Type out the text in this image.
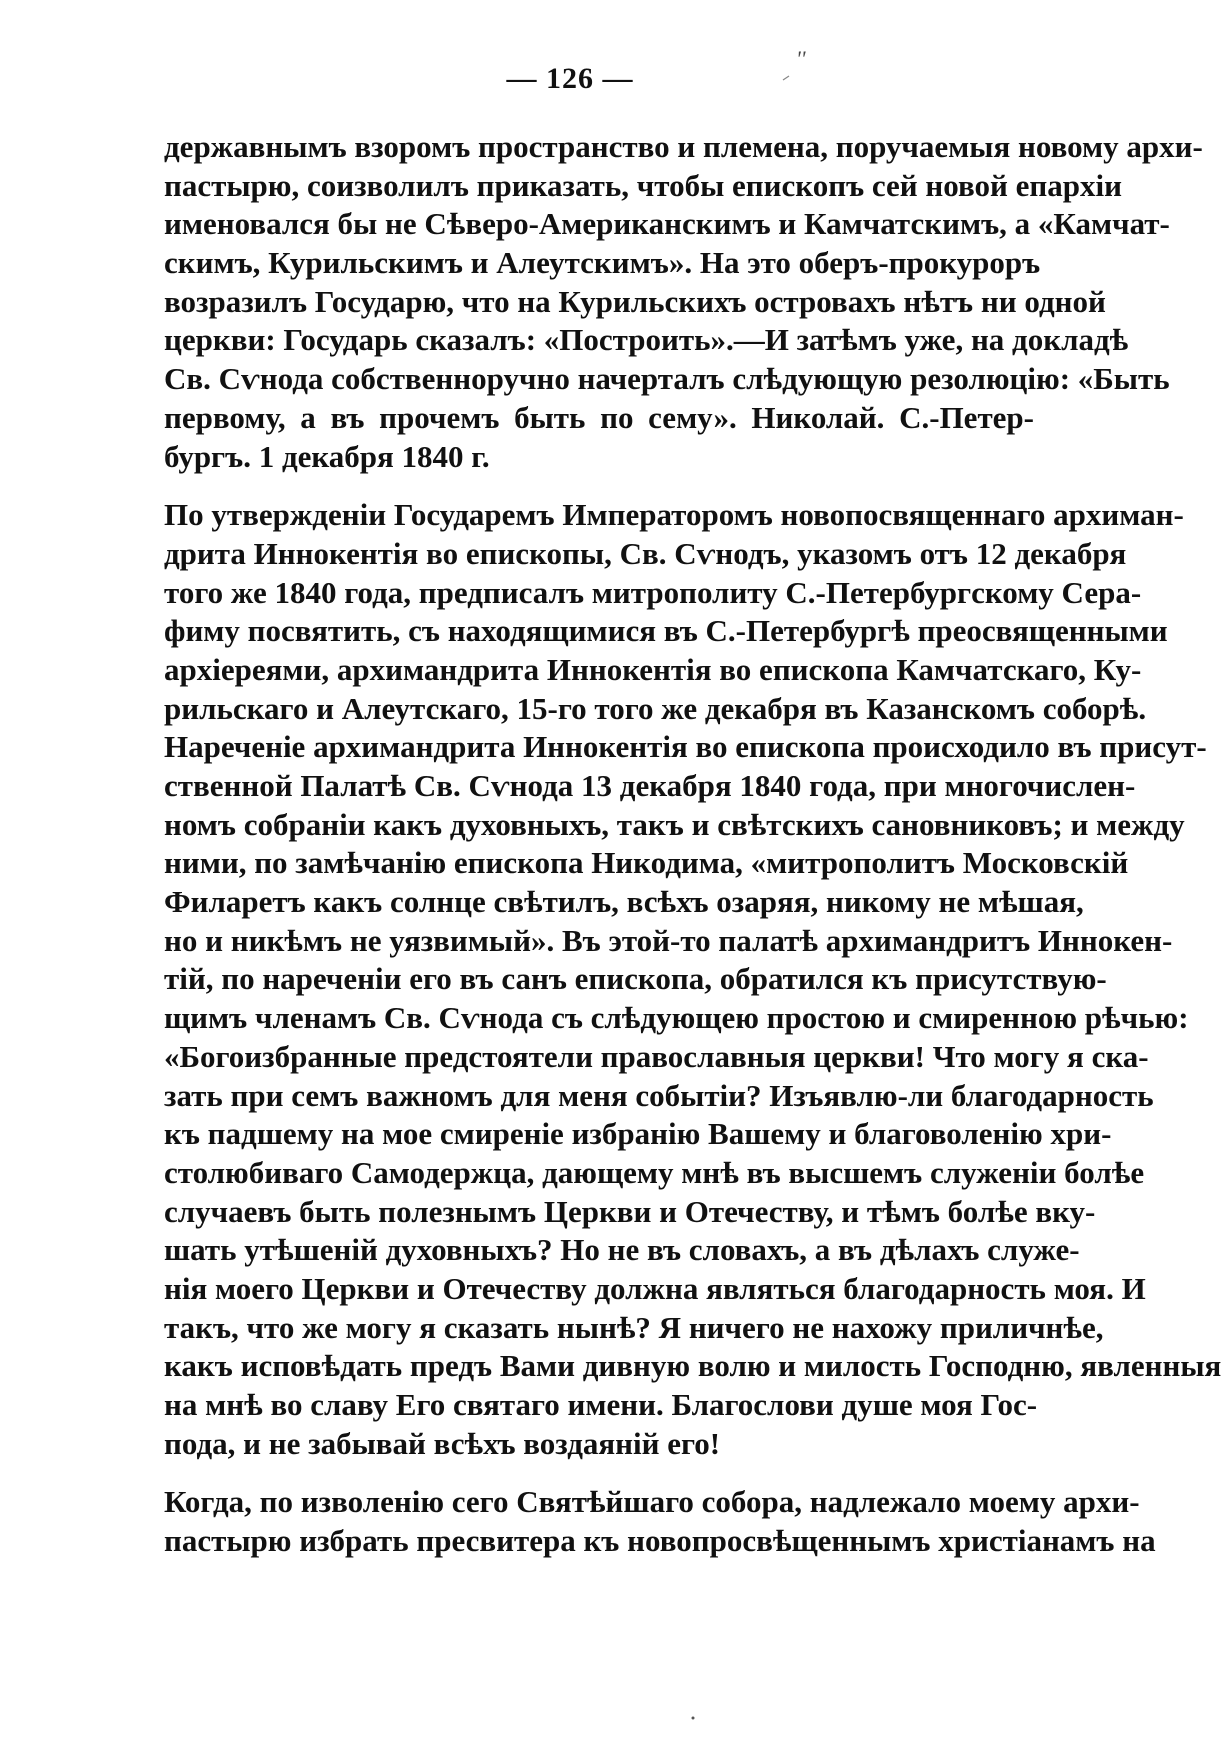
— 126 —
''
державнымъ взоромъ пространство и племена, поручаемыя новому архи-
пастырю, соизволилъ приказать, чтобы епископъ сей новой епархіи
именовался бы не Сѣверо-Американскимъ и Камчатскимъ, а «Камчат-
скимъ, Курильскимъ и Алеутскимъ». На это оберъ-прокуроръ
возразилъ Государю, что на Курильскихъ островахъ нѣтъ ни одной
церкви: Государь сказалъ: «Построить».—И затѣмъ уже, на докладѣ
Св. Сѵнода собственноручно начерталъ слѣдующую резолюцію: «Быть
первому, а въ прочемъ быть по сему». Николай. С.-Петер-
бургъ. 1 декабря 1840 г.
По утвержденіи Государемъ Императоромъ новопосвященнаго архиман-
дрита Иннокентія во епископы, Св. Сѵнодъ, указомъ отъ 12 декабря
того же 1840 года, предписалъ митрополиту С.-Петербургскому Сера-
фиму посвятить, съ находящимися въ С.-Петербургѣ преосвященными
архіереями, архимандрита Иннокентія во епископа Камчатскаго, Ку-
рильскаго и Алеутскаго, 15-го того же декабря въ Казанскомъ соборѣ.
Нареченіе архимандрита Иннокентія во епископа происходило въ присут-
ственной Палатѣ Св. Сѵнода 13 декабря 1840 года, при многочислен-
номъ собраніи какъ духовныхъ, такъ и свѣтскихъ сановниковъ; и между
ними, по замѣчанію епископа Никодима, «митрополитъ Московскій
Филаретъ какъ солнце свѣтилъ, всѣхъ озаряя, никому не мѣшая,
но и никѣмъ не уязвимый». Въ этой-то палатѣ архимандритъ Иннокен-
тій, по нареченіи его въ санъ епископа, обратился къ присутствую-
щимъ членамъ Св. Сѵнода съ слѣдующею простою и смиренною рѣчью:
«Богоизбранные предстоятели православныя церкви! Что могу я ска-
зать при семъ важномъ для меня событіи? Изъявлю-ли благодарность
къ падшему на мое смиреніе избранію Вашему и благоволенію хри-
столюбиваго Самодержца, дающему мнѣ въ высшемъ служеніи болѣе
случаевъ быть полезнымъ Церкви и Отечеству, и тѣмъ болѣе вку-
шать утѣшеній духовныхъ? Но не въ словахъ, а въ дѣлахъ служе-
нія моего Церкви и Отечеству должна являться благодарность моя. И
такъ, что же могу я сказать нынѣ? Я ничего не нахожу приличнѣе,
какъ исповѣдать предъ Вами дивную волю и милость Господню, явленныя
на мнѣ во славу Его святаго имени. Благослови душе моя Гос-
пода, и не забывай всѣхъ воздаяній его!
Когда, по изволенію сего Святѣйшаго собора, надлежало моему архи-
пастырю избрать пресвитера къ новопросвѣщеннымъ христіанамъ на
